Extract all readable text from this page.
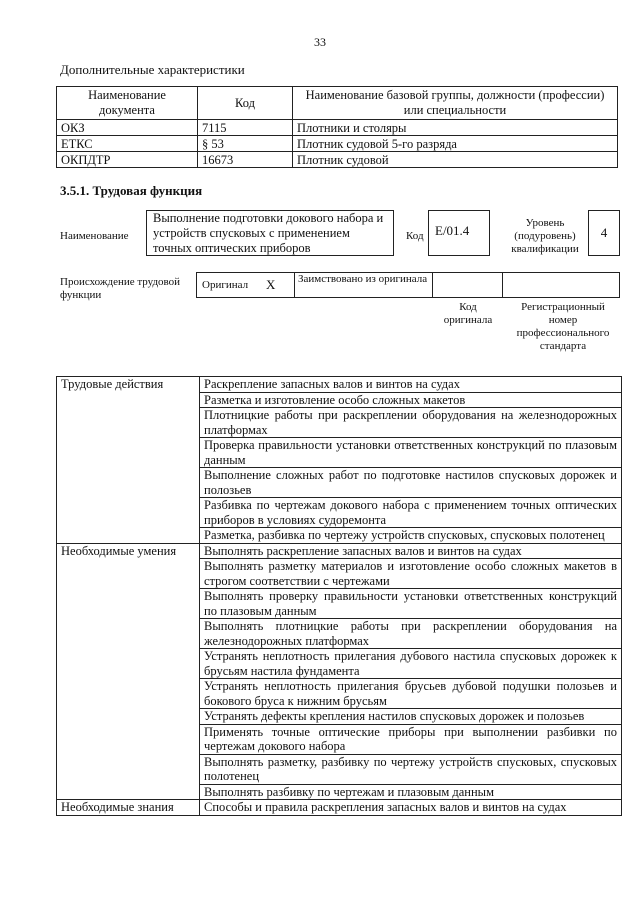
33
Дополнительные характеристики
Наименование документа	Код	Наименование базовой группы, должности (профессии) или специальности
ОКЗ	7115	Плотники и столяры
ЕТКС	§ 53	Плотник судовой 5-го разряда
ОКПДТР	16673	Плотник судовой
3.5.1. Трудовая функция
Наименование
Выполнение подготовки докового набора и устройств спусковых с применением точных оптических приборов
Код E/01.4	Уровень (подуровень) квалификации
4
Происхождение трудовой функции
Оригинал X Заимствовано из оригинала
Код оригинала
Регистрационный номер профессионального стандарта
Трудовые действия	Раскрепление запасных валов и винтов на судах
	Разметка и изготовление особо сложных макетов
	Плотницкие работы при раскреплении оборудования на железнодорожных платформах
	Проверка правильности установки ответственных конструкций по плазовым данным
	Выполнение сложных работ по подготовке настилов спусковых дорожек и полозьев
	Разбивка по чертежам докового набора с применением точных оптических приборов в условиях судоремонта
	Разметка, разбивка по чертежу устройств спусковых, спусковых полотенец
Необходимые умения	Выполнять раскрепление запасных валов и винтов на судах
	Выполнять разметку материалов и изготовление особо сложных макетов в строгом соответствии с чертежами
	Выполнять проверку правильности установки ответственных конструкций по плазовым данным
	Выполнять плотницкие работы при раскреплении оборудования на железнодорожных платформах
	Устранять неплотность прилегания дубового настила спусковых дорожек к брусьям настила фундамента
	Устранять неплотность прилегания брусьев дубовой подушки полозьев и бокового бруса к нижним брусьям
	Устранять дефекты крепления настилов спусковых дорожек и полозьев
	Применять точные оптические приборы при выполнении разбивки по чертежам докового набора
	Выполнять разметку, разбивку по чертежу устройств спусковых, спусковых полотенец
	Выполнять разбивку по чертежам и плазовым данным
Необходимые знания	Способы и правила раскрепления запасных валов и винтов на судах
